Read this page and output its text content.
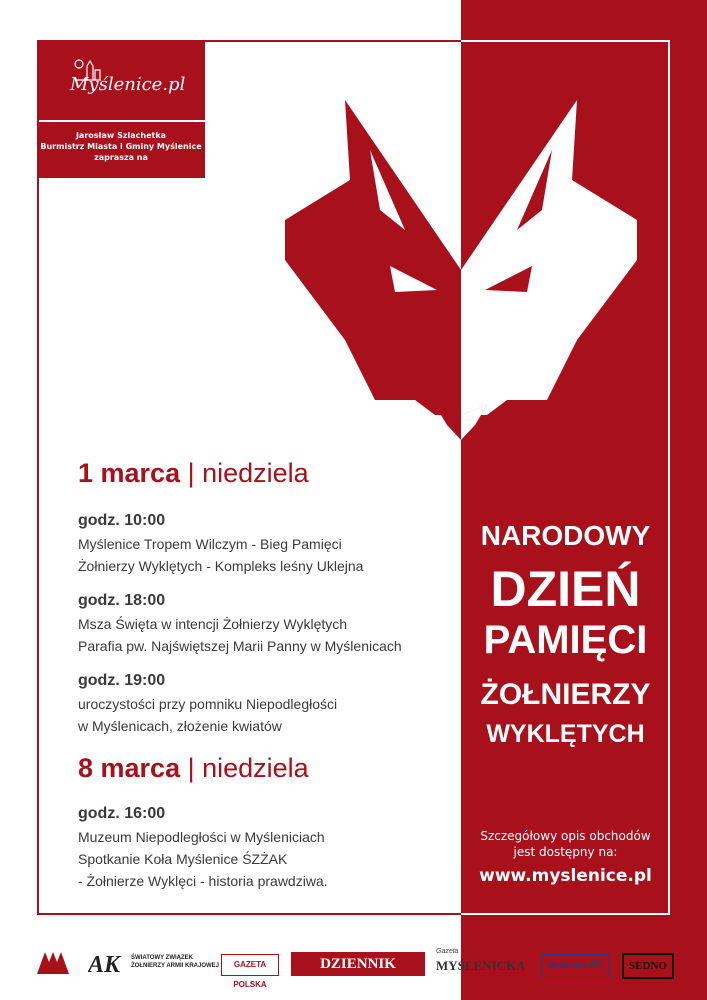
Myślenice.pl
Jarosław Szlachetka
Burmistrz Miasta i Gminy Myślenice
zaprasza na
1 marca | niedziela
godz. 10:00
Myślenice Tropem Wilczym - Bieg Pamięci
Żołnierzy Wyklętych - Kompleks leśny Uklejna
godz. 18:00
Msza Święta w intencji Żołnierzy Wyklętych
Parafia pw. Najświętszej Marii Panny w Myślenicach
godz. 19:00
uroczystości przy pomniku Niepodległości
w Myślenicach, złożenie kwiatów
8 marca | niedziela
godz. 16:00
Muzeum Niepodległości w Myśleniciach
Spotkanie Koła Myślenice ŚZŻAK
- Żołnierze Wyklęci - historia prawdziwa.
NARODOWY
DZIEŃ
PAMIĘCI
ŻOŁNIERZY
WYKLĘTYCH
Szczegółowy opis obchodów
jest dostępny na:
www.myslenice.pl
AK	ŚWIATOWY ZWIĄZEK
ŻOŁNIERZY ARMII KRAJOWEJ	GAZETA POLSKA
DZIENNIK POLSKI
Gazeta
MYŚLENICKA	Myślenice iTV	SEDNO
